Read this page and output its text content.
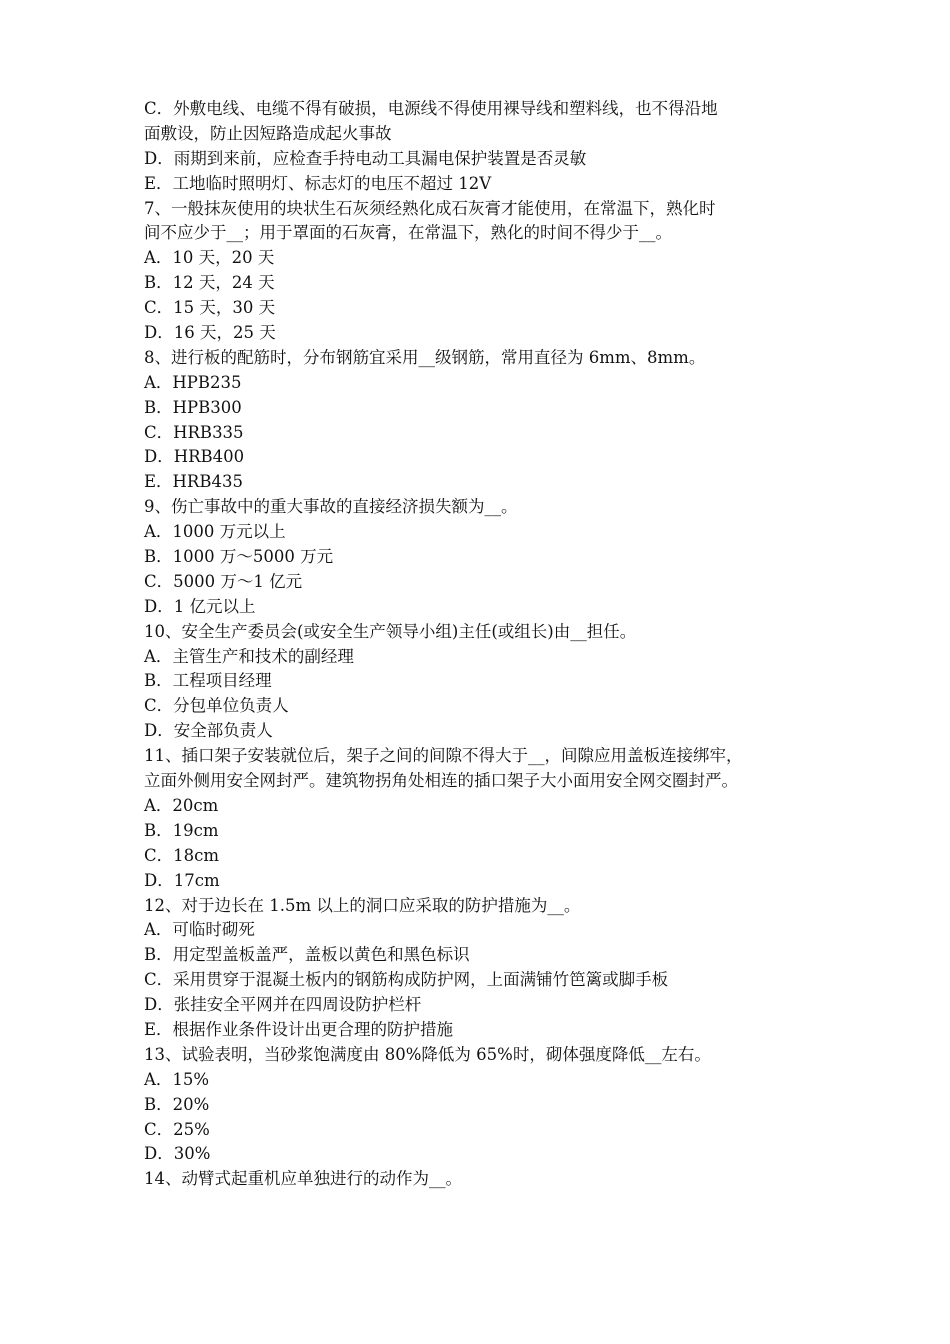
C．外敷电线、电缆不得有破损，电源线不得使用裸导线和塑料线，也不得沿地
面敷设，防止因短路造成起火事故
D．雨期到来前，应检查手持电动工具漏电保护装置是否灵敏
E．工地临时照明灯、标志灯的电压不超过 12V
7、一般抹灰使用的块状生石灰须经熟化成石灰膏才能使用，在常温下，熟化时
间不应少于__；用于罩面的石灰膏，在常温下，熟化的时间不得少于__。
A．10 天，20 天
B．12 天，24 天
C．15 天，30 天
D．16 天，25 天
8、进行板的配筋时，分布钢筋宜采用__级钢筋，常用直径为 6mm、8mm。
A．HPB235
B．HPB300
C．HRB335
D．HRB400
E．HRB435
9、伤亡事故中的重大事故的直接经济损失额为__。
A．1000 万元以上
B．1000 万～5000 万元
C．5000 万～1 亿元
D．1 亿元以上
10、安全生产委员会(或安全生产领导小组)主任(或组长)由__担任。
A．主管生产和技术的副经理
B．工程项目经理
C．分包单位负责人
D．安全部负责人
11、插口架子安装就位后，架子之间的间隙不得大于__，间隙应用盖板连接绑牢，
立面外侧用安全网封严。建筑物拐角处相连的插口架子大小面用安全网交圈封严。
A．20cm
B．19cm
C．18cm
D．17cm
12、对于边长在 1.5m 以上的洞口应采取的防护措施为__。
A．可临时砌死
B．用定型盖板盖严，盖板以黄色和黑色标识
C．采用贯穿于混凝土板内的钢筋构成防护网，上面满铺竹笆篱或脚手板
D．张挂安全平网并在四周设防护栏杆
E．根据作业条件设计出更合理的防护措施
13、试验表明，当砂浆饱满度由 80%降低为 65%时，砌体强度降低__左右。
A．15%
B．20%
C．25%
D．30%
14、动臂式起重机应单独进行的动作为__。
